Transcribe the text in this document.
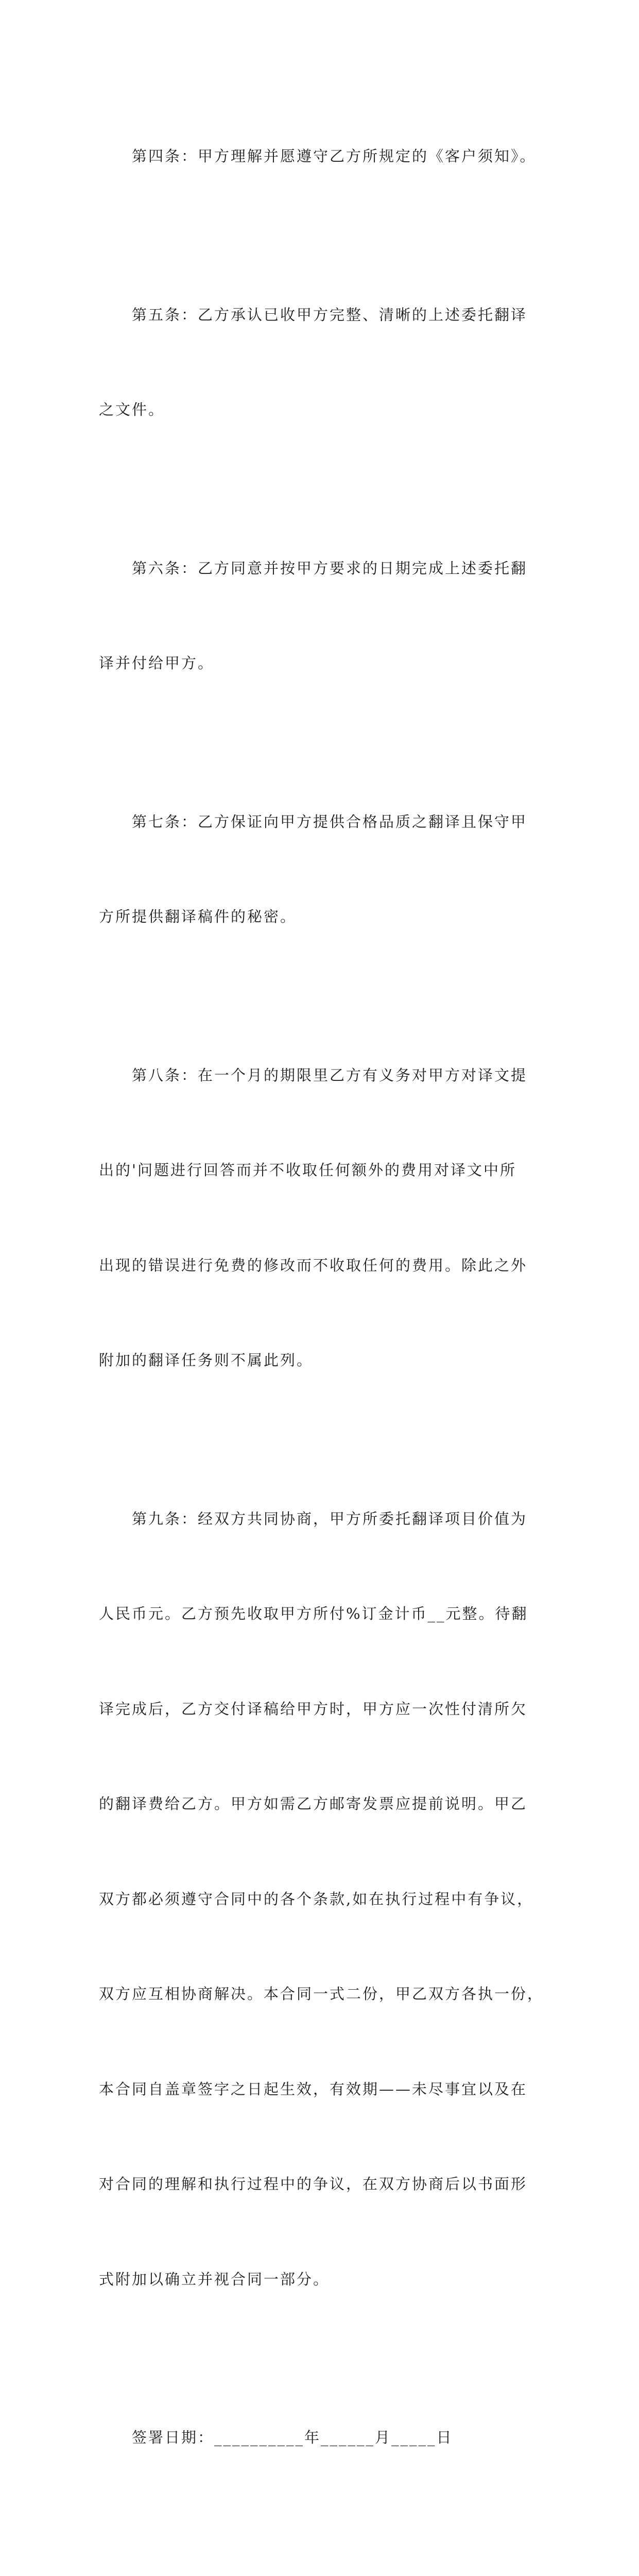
第四条：甲方理解并愿遵守乙方所规定的《客户须知》。

第五条：乙方承认已收甲方完整、清晰的上述委托翻译

之文件。

第六条：乙方同意并按甲方要求的日期完成上述委托翻

译并付给甲方。

第七条：乙方保证向甲方提供合格品质之翻译且保守甲

方所提供翻译稿件的秘密。

第八条：在一个月的期限里乙方有义务对甲方对译文提

出的'问题进行回答而并不收取任何额外的费用对译文中所

出现的错误进行免费的修改而不收取任何的费用。除此之外

附加的翻译任务则不属此列。

第九条：经双方共同协商，甲方所委托翻译项目价值为

人民币元。乙方预先收取甲方所付%订金计币__元整。待翻

译完成后，乙方交付译稿给甲方时，甲方应一次性付清所欠

的翻译费给乙方。甲方如需乙方邮寄发票应提前说明。甲乙

双方都必须遵守合同中的各个条款,如在执行过程中有争议，

双方应互相协商解决。本合同一式二份，甲乙双方各执一份，

本合同自盖章签字之日起生效，有效期——未尽事宜以及在

对合同的理解和执行过程中的争议，在双方协商后以书面形

式附加以确立并视合同一部分。

签署日期：__________年______月_____日
